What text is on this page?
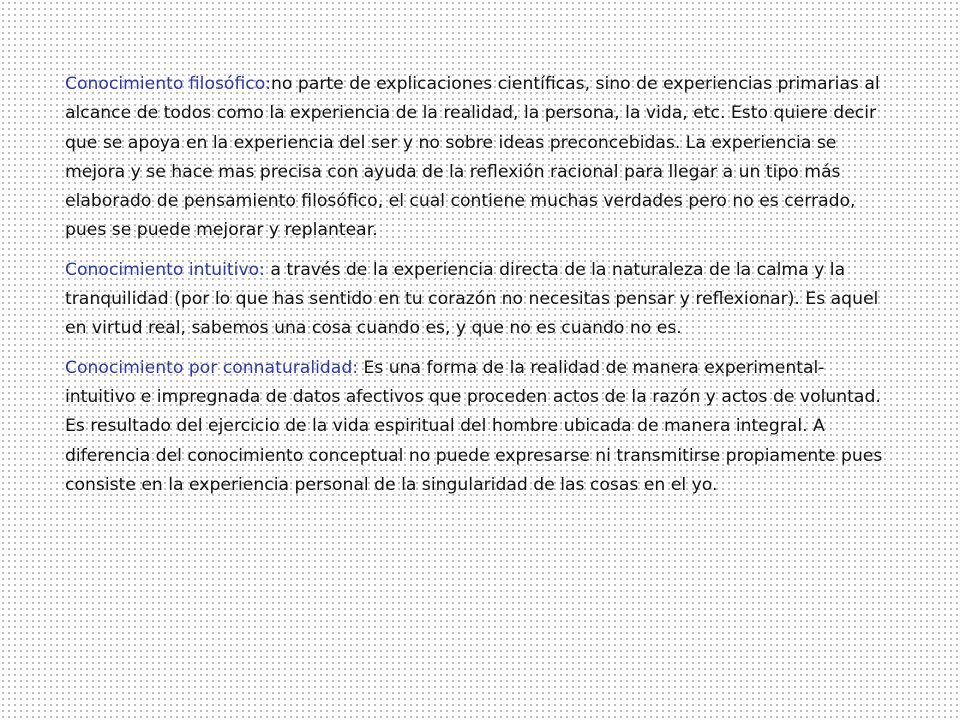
Conocimiento filosófico:no parte de explicaciones científicas, sino de experiencias primarias al alcance de todos como la experiencia de la realidad, la persona, la vida, etc. Esto quiere decir que se apoya en la experiencia del ser y no sobre ideas preconcebidas. La experiencia se mejora y se hace mas precisa con ayuda de la reflexión racional para llegar a un tipo más elaborado de pensamiento filosófico, el cual contiene muchas verdades pero no es cerrado, pues se puede mejorar y replantear.

Conocimiento intuitivo: a través de la experiencia directa de la naturaleza de la calma y la tranquilidad (por lo que has sentido en tu corazón no necesitas pensar y reflexionar). Es aquel en virtud real, sabemos una cosa cuando es, y que no es cuando no es.

Conocimiento por connaturalidad: Es una forma de la realidad de manera experimental- intuitivo e impregnada de datos afectivos que proceden actos de la razón y actos de voluntad. Es resultado del ejercicio de la vida espiritual del hombre ubicada de manera integral. A diferencia del conocimiento conceptual no puede expresarse ni transmitirse propiamente pues consiste en la experiencia personal de la singularidad de las cosas en el yo.
